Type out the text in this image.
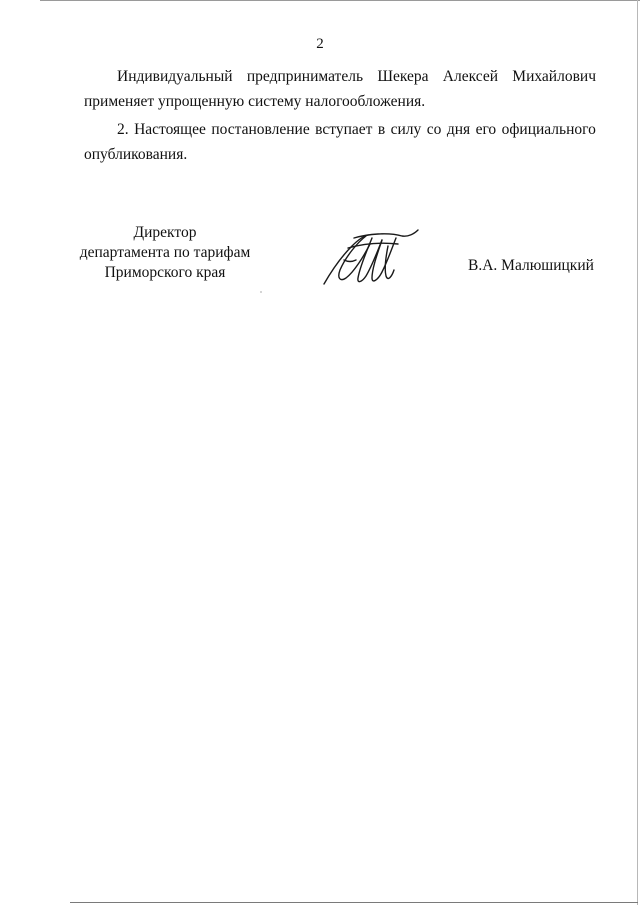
2
Индивидуальный предприниматель Шекера Алексей Михайлович
применяет упрощенную систему налогообложения.
2. Настоящее постановление вступает в силу со дня его официального
опубликования.
Директор
департамента по тарифам
Приморского края	В.А. Малюшицкий
